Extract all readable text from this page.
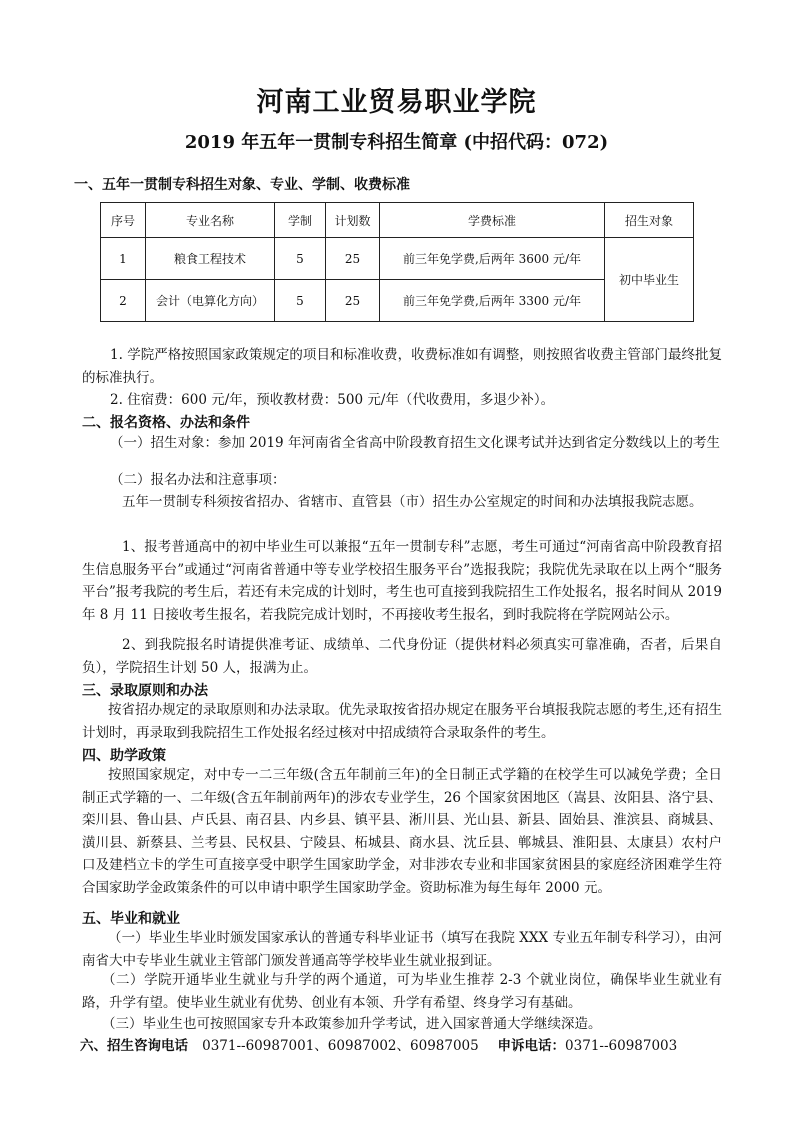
河南工业贸易职业学院
2019 年五年一贯制专科招生简章 (中招代码：072)
一、五年一贯制专科招生对象、专业、学制、收费标准
序号	专业名称	学制	计划数	学费标准	招生对象
1	粮食工程技术	5	25	前三年免学费,后两年 3600 元/年	初中毕业生
2	会计（电算化方向）	5	25	前三年免学费,后两年 3300 元/年	
1. 学院严格按照国家政策规定的项目和标准收费，收费标准如有调整，则按照省收费主管部门最终批复的标准执行。
2. 住宿费：600 元/年，预收教材费：500 元/年（代收费用，多退少补）。
二、报名资格、办法和条件
（一）招生对象：参加 2019 年河南省全省高中阶段教育招生文化课考试并达到省定分数线以上的考生
（二）报名办法和注意事项：
五年一贯制专科须按省招办、省辖市、直管县（市）招生办公室规定的时间和办法填报我院志愿。
1、报考普通高中的初中毕业生可以兼报“五年一贯制专科”志愿，考生可通过“河南省高中阶段教育招生信息服务平台”或通过“河南省普通中等专业学校招生服务平台”选报我院；我院优先录取在以上两个“服务平台”报考我院的考生后，若还有未完成的计划时，考生也可直接到我院招生工作处报名，报名时间从 2019 年 8 月 11 日接收考生报名，若我院完成计划时，不再接收考生报名，到时我院将在学院网站公示。
2、到我院报名时请提供准考证、成绩单、二代身份证（提供材料必须真实可靠准确，否者，后果自负），学院招生计划 50 人，报满为止。
三、录取原则和办法
按省招办规定的录取原则和办法录取。优先录取按省招办规定在服务平台填报我院志愿的考生,还有招生计划时，再录取到我院招生工作处报名经过核对中招成绩符合录取条件的考生。
四、助学政策
按照国家规定，对中专一二三年级(含五年制前三年)的全日制正式学籍的在校学生可以减免学费；全日制正式学籍的一、二年级(含五年制前两年)的涉农专业学生，26 个国家贫困地区（嵩县、汝阳县、洛宁县、栾川县、鲁山县、卢氏县、南召县、内乡县、镇平县、淅川县、光山县、新县、固始县、淮滨县、商城县、潢川县、新蔡县、兰考县、民权县、宁陵县、柘城县、商水县、沈丘县、郸城县、淮阳县、太康县）农村户口及建档立卡的学生可直接享受中职学生国家助学金，对非涉农专业和非国家贫困县的家庭经济困难学生符合国家助学金政策条件的可以申请中职学生国家助学金。资助标准为每生每年 2000 元。
五、毕业和就业
（一）毕业生毕业时颁发国家承认的普通专科毕业证书（填写在我院 XXX 专业五年制专科学习），由河南省大中专毕业生就业主管部门颁发普通高等学校毕业生就业报到证。
（二）学院开通毕业生就业与升学的两个通道，可为毕业生推荐 2-3 个就业岗位，确保毕业生就业有路，升学有望。使毕业生就业有优势、创业有本领、升学有希望、终身学习有基础。
（三）毕业生也可按照国家专升本政策参加升学考试，进入国家普通大学继续深造。
六、招生咨询电话 0371--60987001、60987002、60987005 申诉电话：0371--60987003
